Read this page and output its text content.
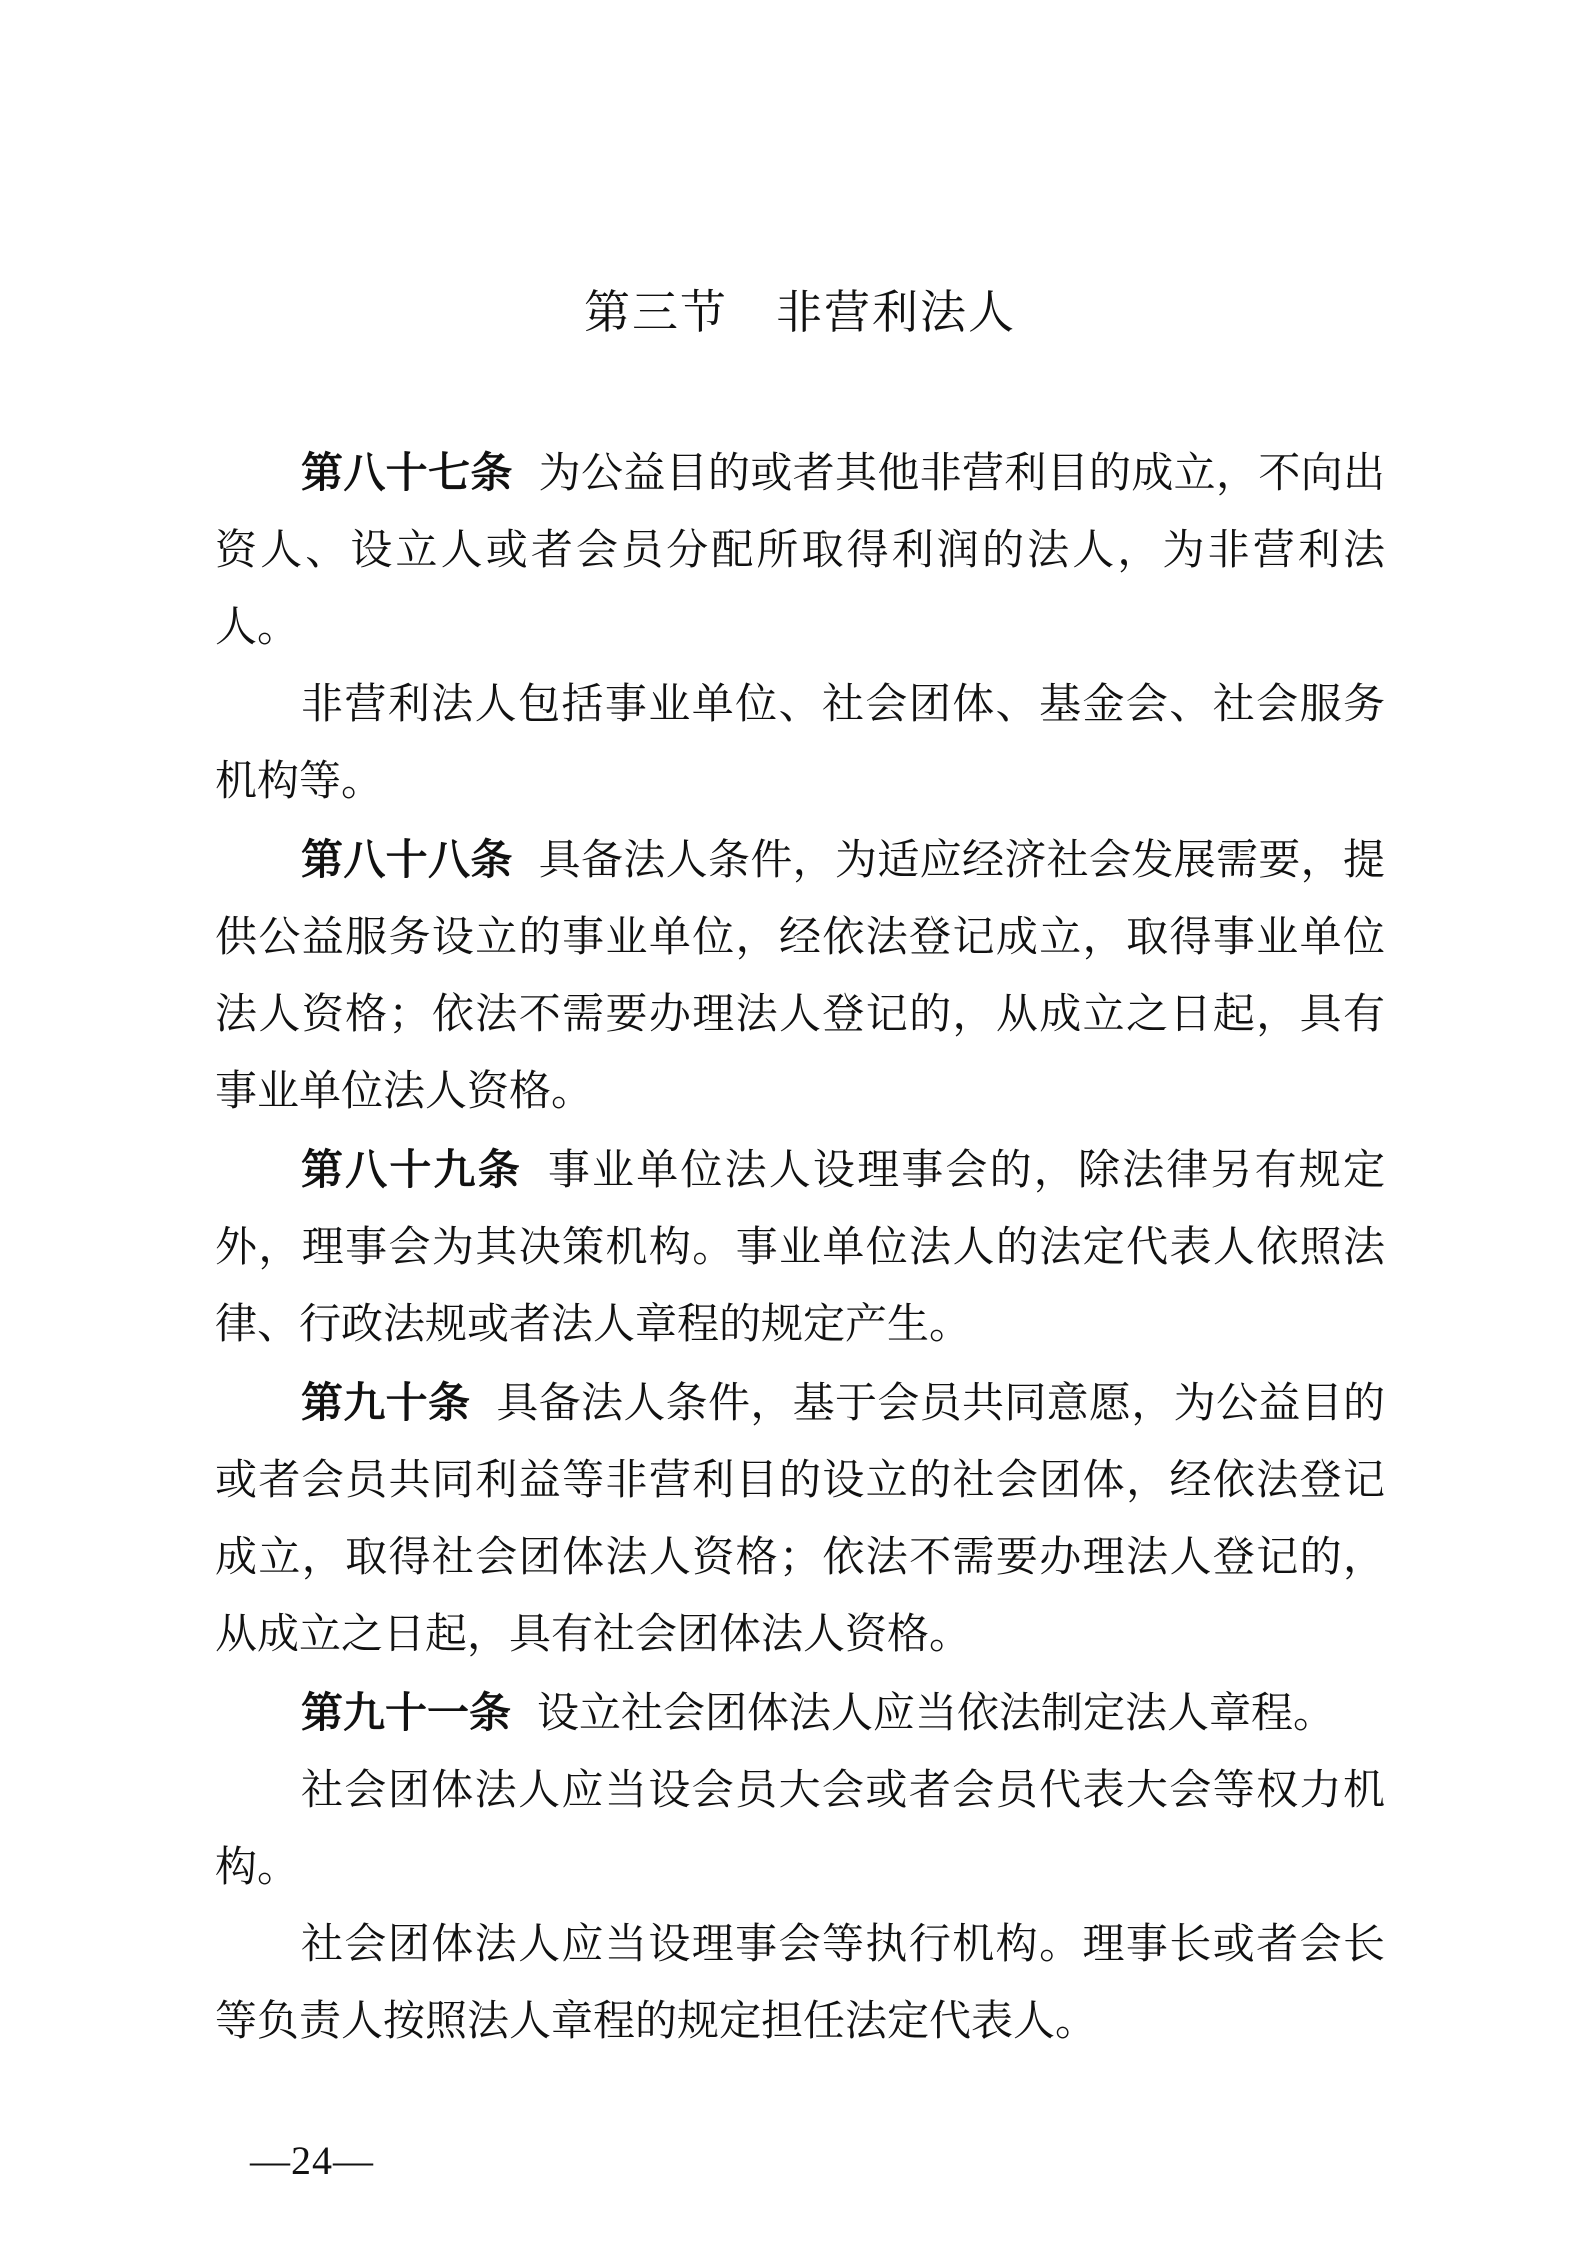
第三节　非营利法人

第八十七条 为公益目的或者其他非营利目的成立，不向出资人、设立人或者会员分配所取得利润的法人，为非营利法人。

非营利法人包括事业单位、社会团体、基金会、社会服务机构等。

第八十八条 具备法人条件，为适应经济社会发展需要，提供公益服务设立的事业单位，经依法登记成立，取得事业单位法人资格；依法不需要办理法人登记的，从成立之日起，具有事业单位法人资格。

第八十九条 事业单位法人设理事会的，除法律另有规定外，理事会为其决策机构。事业单位法人的法定代表人依照法律、行政法规或者法人章程的规定产生。

第九十条 具备法人条件，基于会员共同意愿，为公益目的或者会员共同利益等非营利目的设立的社会团体，经依法登记成立，取得社会团体法人资格；依法不需要办理法人登记的，从成立之日起，具有社会团体法人资格。

第九十一条 设立社会团体法人应当依法制定法人章程。

社会团体法人应当设会员大会或者会员代表大会等权力机构。

社会团体法人应当设理事会等执行机构。理事长或者会长等负责人按照法人章程的规定担任法定代表人。

—24—
